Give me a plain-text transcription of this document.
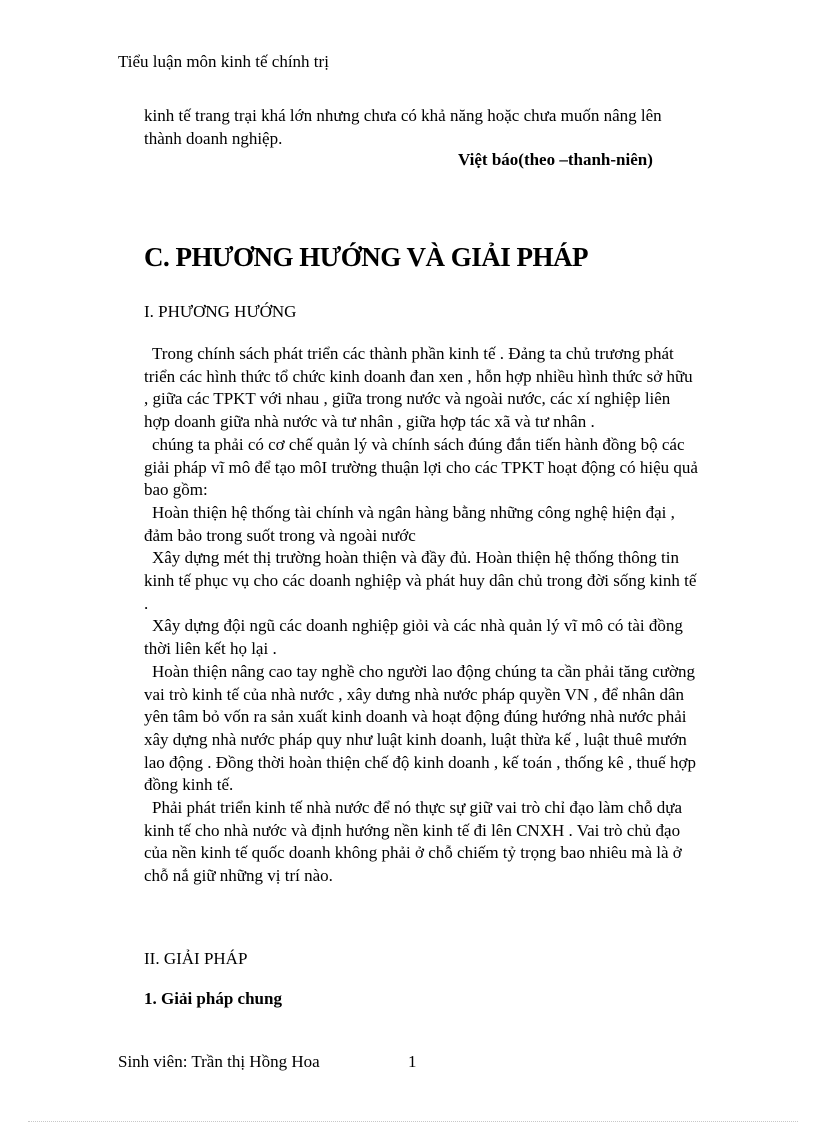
Tiểu luận môn kinh tế chính trị
kinh tế trang trại khá lớn nhưng chưa có khả năng hoặc chưa muốn nâng lên thành doanh nghiệp.
Việt báo(theo –thanh-niên)
C. PHƯƠNG HƯỚNG VÀ GIẢI PHÁP
I. PHƯƠNG HƯỚNG

Trong chính sách phát triển các thành phần kinh tế . Đảng ta chủ trương phát triển các hình thức tổ chức kinh doanh đan xen , hỗn hợp nhiều hình thức sở hữu , giữa các TPKT với nhau , giữa trong nước và ngoài nước, các xí nghiệp liên hợp doanh giữa nhà nước và tư nhân , giữa hợp tác xã và tư nhân .

chúng ta phải có cơ chế quản lý và chính sách đúng đắn tiến hành đồng bộ các giải pháp vĩ mô để tạo môI trường thuận lợi cho các TPKT hoạt động có hiệu quả bao gồm:

Hoàn thiện hệ thống tài chính và ngân hàng bằng những công nghệ hiện đại , đảm bảo trong suốt trong và ngoài nước

Xây dựng mét thị trường hoàn thiện và đầy đủ. Hoàn thiện hệ thống thông tin kinh tế phục vụ cho các doanh nghiệp và phát huy dân chủ trong đời sống kinh tế .

Xây dựng đội ngũ các doanh nghiệp giỏi và các nhà quản lý vĩ mô có tài đồng thời liên kết họ lại .

Hoàn thiện nâng cao tay nghề cho người lao động chúng ta cần phải tăng cường vai trò kinh tế của nhà nước , xây dưng nhà nước pháp quyền VN , để nhân dân yên tâm bỏ vốn ra sản xuất kinh doanh và hoạt động đúng hướng nhà nước phải xây dựng nhà nước pháp quy như luật kinh doanh, luật thừa kế , luật thuê mướn lao động . Đồng thời hoàn thiện chế độ kinh doanh , kế toán , thống kê , thuế hợp đồng kinh tế.

Phải phát triển kinh tế nhà nước để nó thực sự giữ vai trò chỉ đạo làm chỗ dựa kinh tế cho nhà nước và định hướng nền kinh tế đi lên CNXH . Vai trò chủ đạo của nền kinh tế quốc doanh không phải ở chỗ chiếm tỷ trọng bao nhiêu mà là ở chỗ nắ giữ những vị trí nào.

II. GIẢI PHÁP
1. Giải pháp chung
Sinh viên: Trần thị Hồng Hoa	1
